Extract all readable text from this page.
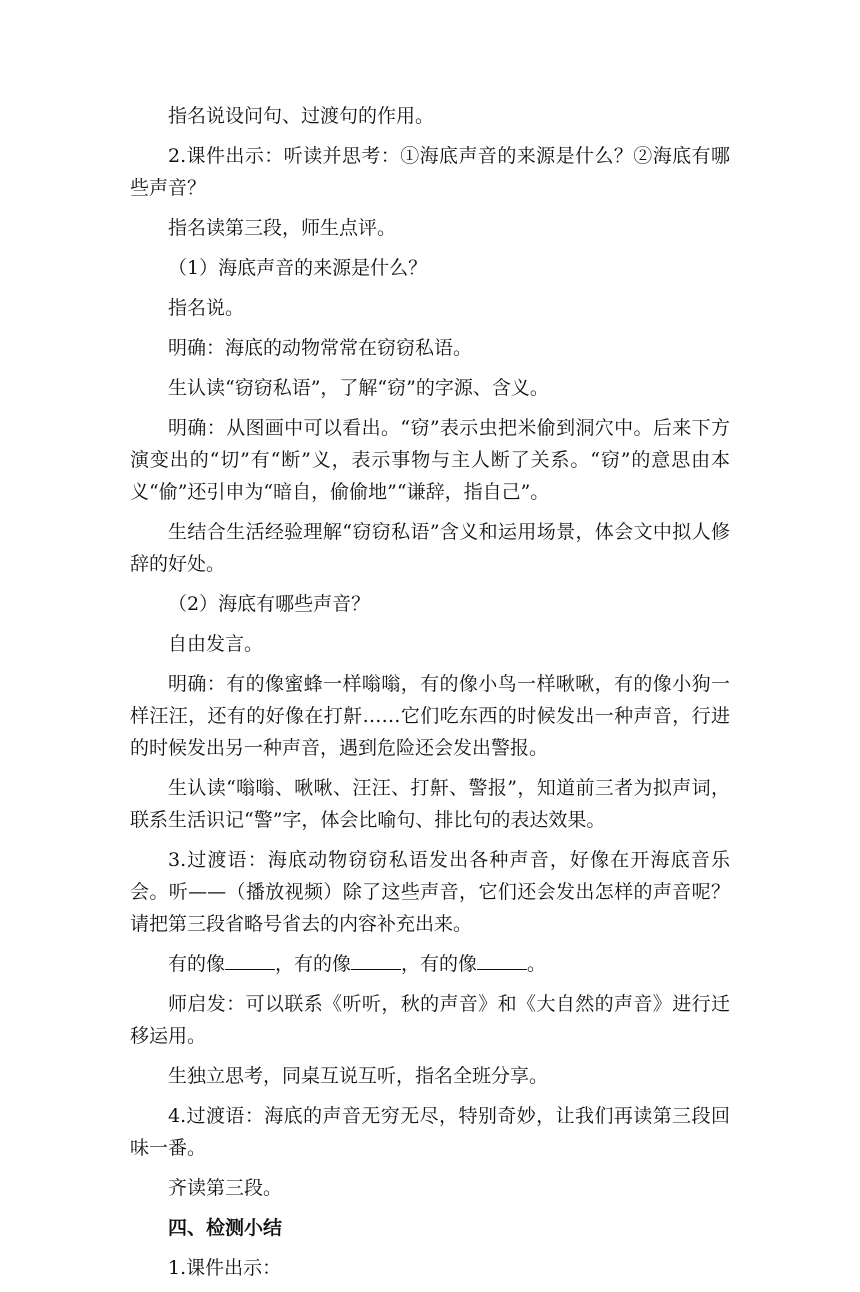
指名说设问句、过渡句的作用。

2.课件出示：听读并思考：①海底声音的来源是什么？②海底有哪些声音？

指名读第三段，师生点评。

（1）海底声音的来源是什么？

指名说。

明确：海底的动物常常在窃窃私语。

生认读“窃窃私语”，了解“窃”的字源、含义。

明确：从图画中可以看出。“窃”表示虫把米偷到洞穴中。后来下方演变出的“切”有“断”义，表示事物与主人断了关系。“窃”的意思由本义“偷”还引申为“暗自，偷偷地”“谦辞，指自己”。

生结合生活经验理解“窃窃私语”含义和运用场景，体会文中拟人修辞的好处。

（2）海底有哪些声音？

自由发言。

明确：有的像蜜蜂一样嗡嗡，有的像小鸟一样啾啾，有的像小狗一样汪汪，还有的好像在打鼾……它们吃东西的时候发出一种声音，行进的时候发出另一种声音，遇到危险还会发出警报。

生认读“嗡嗡、啾啾、汪汪、打鼾、警报”，知道前三者为拟声词，联系生活识记“警”字，体会比喻句、排比句的表达效果。

3.过渡语：海底动物窃窃私语发出各种声音，好像在开海底音乐会。听——（播放视频）除了这些声音，它们还会发出怎样的声音呢？请把第三段省略号省去的内容补充出来。

有的像	，有的像	，有的像	。

师启发：可以联系《听听，秋的声音》和《大自然的声音》进行迁移运用。

生独立思考，同桌互说互听，指名全班分享。

4.过渡语：海底的声音无穷无尽，特别奇妙，让我们再读第三段回味一番。

齐读第三段。

四、检测小结

1.课件出示：
